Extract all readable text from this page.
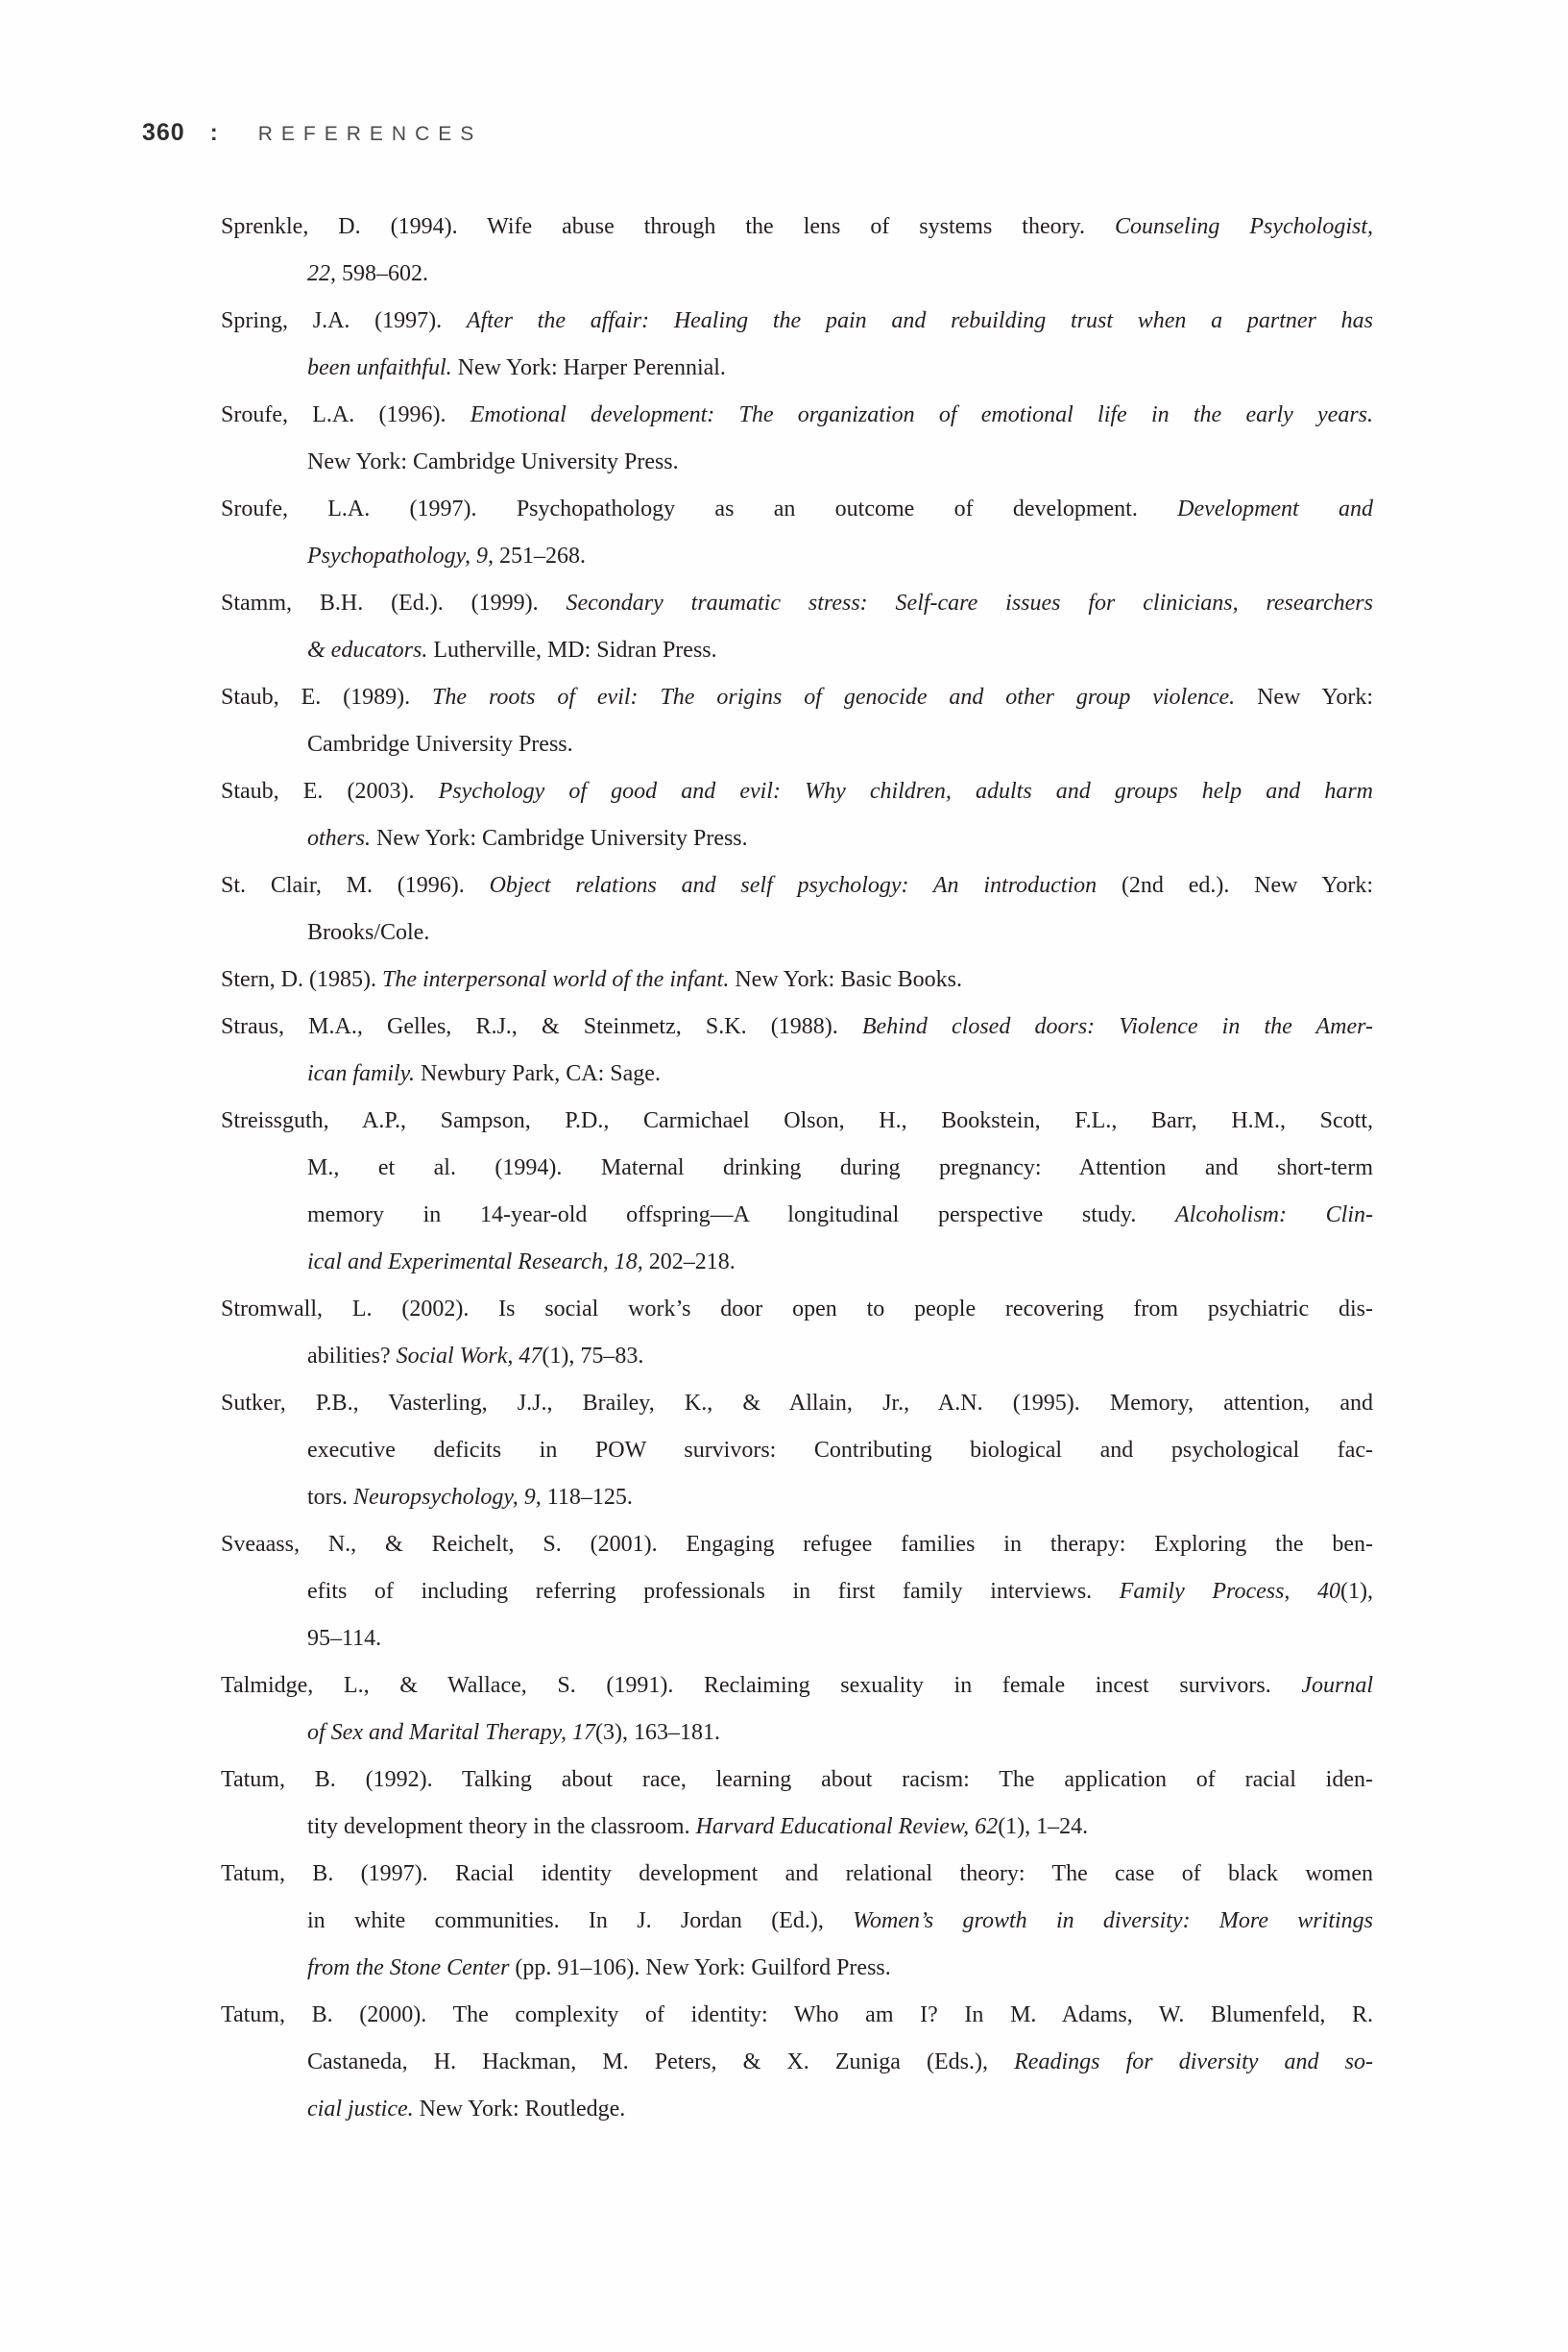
360 : REFERENCES
Sprenkle, D. (1994). Wife abuse through the lens of systems theory. Counseling Psychologist,
22, 598–602.
Spring, J.A. (1997). After the affair: Healing the pain and rebuilding trust when a partner has
been unfaithful. New York: Harper Perennial.
Sroufe, L.A. (1996). Emotional development: The organization of emotional life in the early years.
New York: Cambridge University Press.
Sroufe, L.A. (1997). Psychopathology as an outcome of development. Development and
Psychopathology, 9, 251–268.
Stamm, B.H. (Ed.). (1999). Secondary traumatic stress: Self-care issues for clinicians, researchers
& educators. Lutherville, MD: Sidran Press.
Staub, E. (1989). The roots of evil: The origins of genocide and other group violence. New York:
Cambridge University Press.
Staub, E. (2003). Psychology of good and evil: Why children, adults and groups help and harm
others. New York: Cambridge University Press.
St. Clair, M. (1996). Object relations and self psychology: An introduction (2nd ed.). New York:
Brooks/Cole.
Stern, D. (1985). The interpersonal world of the infant. New York: Basic Books.
Straus, M.A., Gelles, R.J., & Steinmetz, S.K. (1988). Behind closed doors: Violence in the Amer-
ican family. Newbury Park, CA: Sage.
Streissguth, A.P., Sampson, P.D., Carmichael Olson, H., Bookstein, F.L., Barr, H.M., Scott,
M., et al. (1994). Maternal drinking during pregnancy: Attention and short-term
memory in 14-year-old offspring—A longitudinal perspective study. Alcoholism: Clin-
ical and Experimental Research, 18, 202–218.
Stromwall, L. (2002). Is social work’s door open to people recovering from psychiatric dis-
abilities? Social Work, 47(1), 75–83.
Sutker, P.B., Vasterling, J.J., Brailey, K., & Allain, Jr., A.N. (1995). Memory, attention, and
executive deficits in POW survivors: Contributing biological and psychological fac-
tors. Neuropsychology, 9, 118–125.
Sveaass, N., & Reichelt, S. (2001). Engaging refugee families in therapy: Exploring the ben-
efits of including referring professionals in first family interviews. Family Process, 40(1),
95–114.
Talmidge, L., & Wallace, S. (1991). Reclaiming sexuality in female incest survivors. Journal
of Sex and Marital Therapy, 17(3), 163–181.
Tatum, B. (1992). Talking about race, learning about racism: The application of racial iden-
tity development theory in the classroom. Harvard Educational Review, 62(1), 1–24.
Tatum, B. (1997). Racial identity development and relational theory: The case of black women
in white communities. In J. Jordan (Ed.), Women’s growth in diversity: More writings
from the Stone Center (pp. 91–106). New York: Guilford Press.
Tatum, B. (2000). The complexity of identity: Who am I? In M. Adams, W. Blumenfeld, R.
Castaneda, H. Hackman, M. Peters, & X. Zuniga (Eds.), Readings for diversity and so-
cial justice. New York: Routledge.
